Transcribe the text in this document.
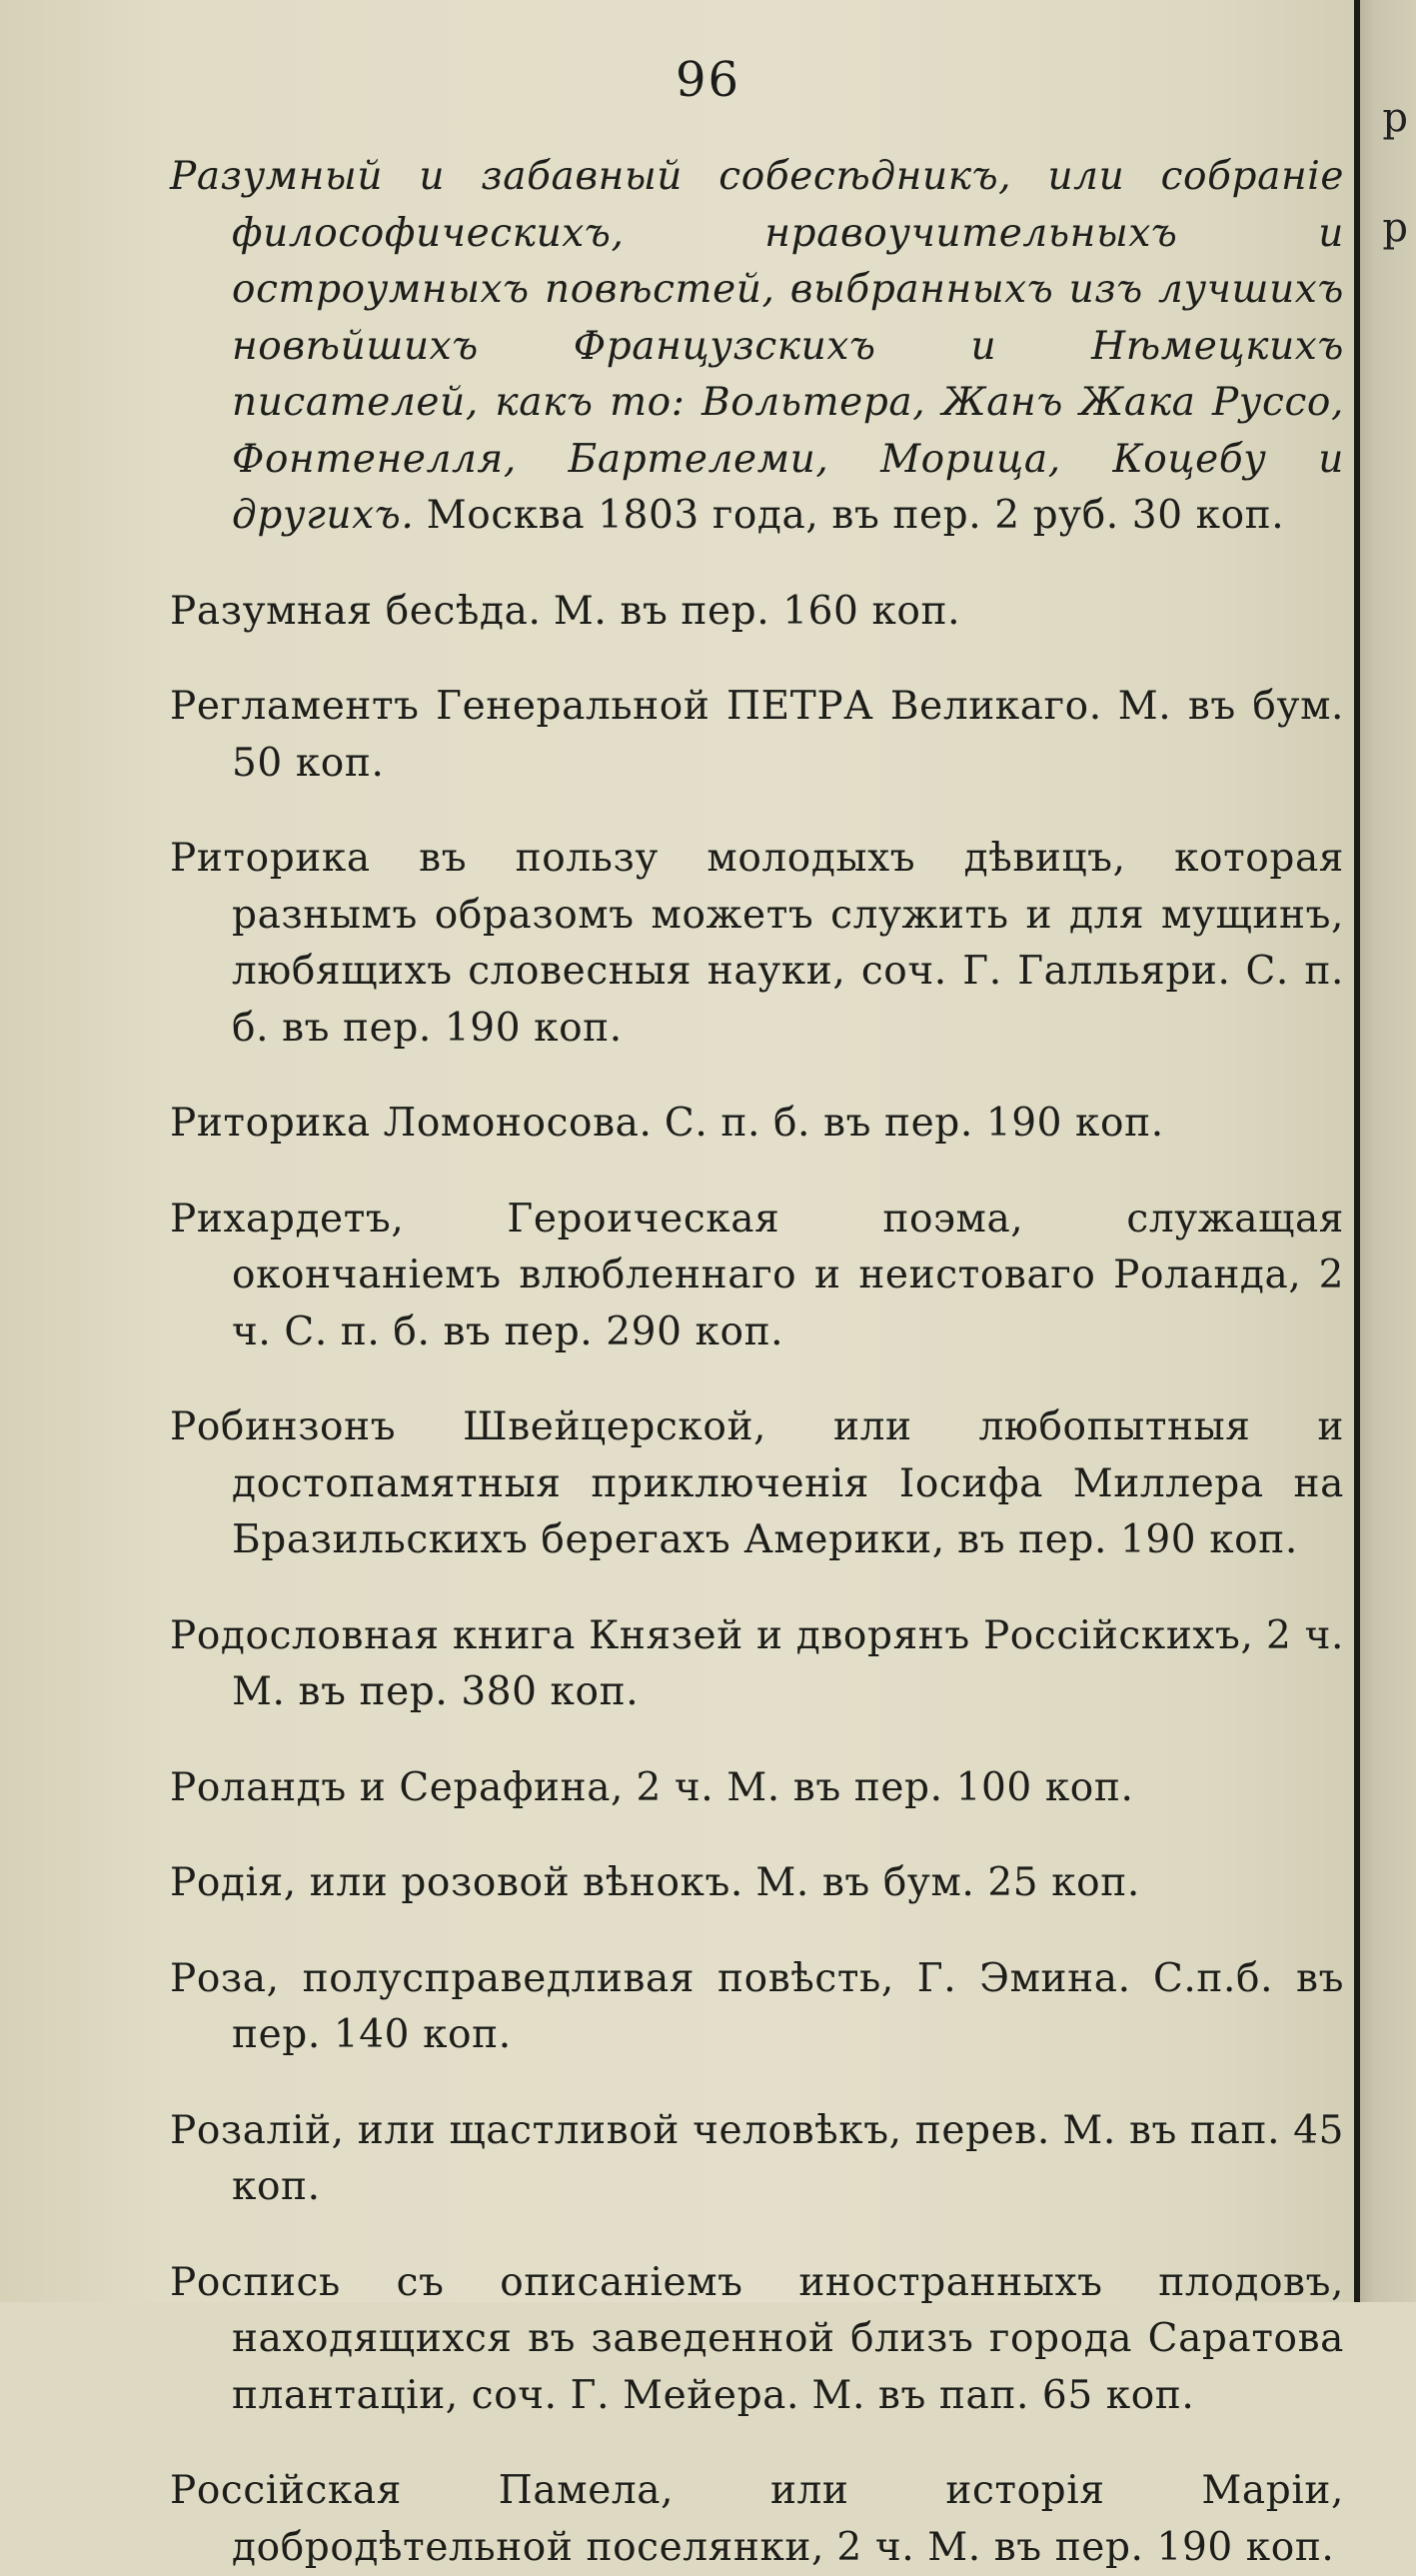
р
р
96

Разумный и забавный собесѣдникъ, или собраніе философическихъ, нравоучительныхъ и остроумныхъ повѣстей, выбранныхъ изъ лучшихъ новѣйшихъ Французскихъ и Нѣмецкихъ писателей, какъ то: Вольтера, Жанъ Жака Руссо, Фонтенелля, Бартелеми, Морица, Коцебу и другихъ. Москва 1803 года, въ пер. 2 руб. 30 коп.

Разумная бесѣда. М. въ пер. 160 коп.

Регламентъ Генеральной ПЕТРА Великаго. М. въ бум. 50 коп.

Риторика въ пользу молодыхъ дѣвицъ, которая разнымъ образомъ можетъ служить и для мущинъ, любящихъ словесныя науки, соч. Г. Галльяри. С. п. б. въ пер. 190 коп.

Риторика Ломоносова. С. п. б. въ пер. 190 коп.

Рихардетъ, Героическая поэма, служащая окончаніемъ влюбленнаго и неистоваго Роланда, 2 ч. С. п. б. въ пер. 290 коп.

Робинзонъ Швейцерской, или любопытныя и достопамятныя приключенія Іосифа Миллера на Бразильскихъ берегахъ Америки, въ пер. 190 коп.

Родословная книга Князей и дворянъ Россійскихъ, 2 ч. М. въ пер. 380 коп.

Роландъ и Серафина, 2 ч. М. въ пер. 100 коп.

Родія, или розовой вѣнокъ. М. въ бум. 25 коп.

Роза, полусправедливая повѣсть, Г. Эмина. С.п.б. въ пер. 140 коп.

Розалій, или щастливой человѣкъ, перев. М. въ пап. 45 коп.

Роспись съ описаніемъ иностранныхъ плодовъ, находящихся въ заведенной близъ города Саратова плантаціи, соч. Г. Мейера. М. въ пап. 65 коп.

Россійская Памела, или исторія Маріи, добродѣтельной поселянки, 2 ч. М. въ пер. 190 коп.
